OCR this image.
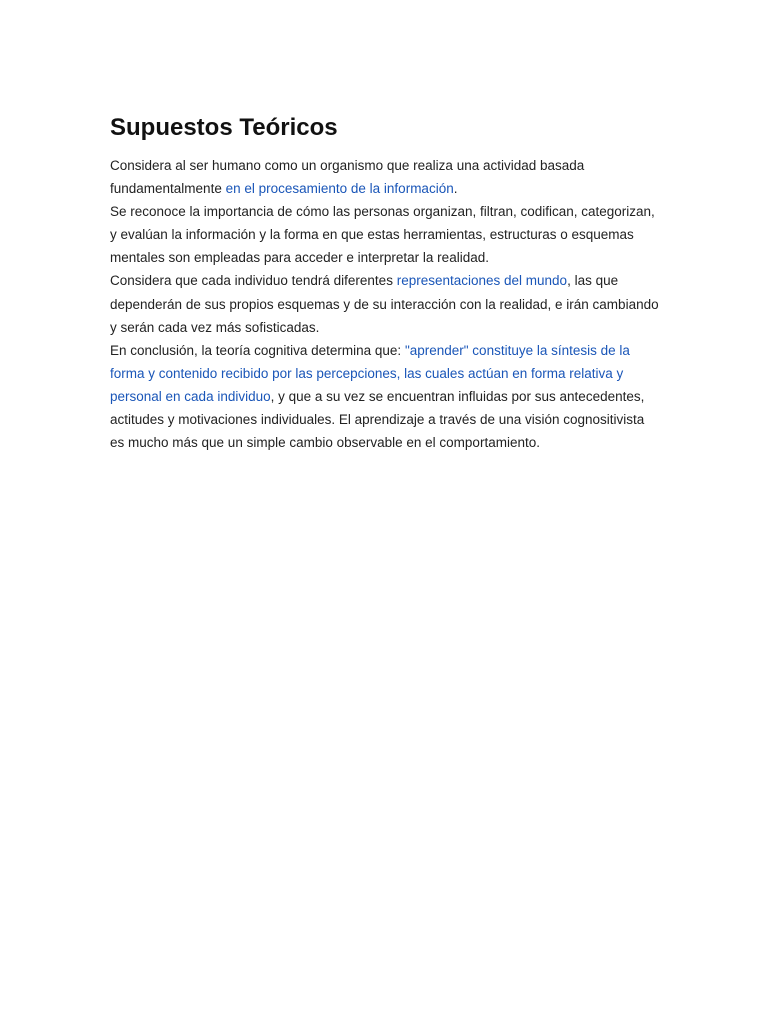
Supuestos Teóricos
Considera al ser humano como un organismo que realiza una actividad basada fundamentalmente en el procesamiento de la información.
Se reconoce la importancia de cómo las personas organizan, filtran, codifican, categorizan, y evalúan la información y la forma en que estas herramientas, estructuras o esquemas mentales son empleadas para acceder e interpretar la realidad.
Considera que cada individuo tendrá diferentes representaciones del mundo, las que dependerán de sus propios esquemas y de su interacción con la realidad, e irán cambiando y serán cada vez más sofisticadas.
En conclusión, la teoría cognitiva determina que: "aprender" constituye la síntesis de la forma y contenido recibido por las percepciones, las cuales actúan en forma relativa y personal en cada individuo, y que a su vez se encuentran influidas por sus antecedentes, actitudes y motivaciones individuales. El aprendizaje a través de una visión cognositivista es mucho más que un simple cambio observable en el comportamiento.
